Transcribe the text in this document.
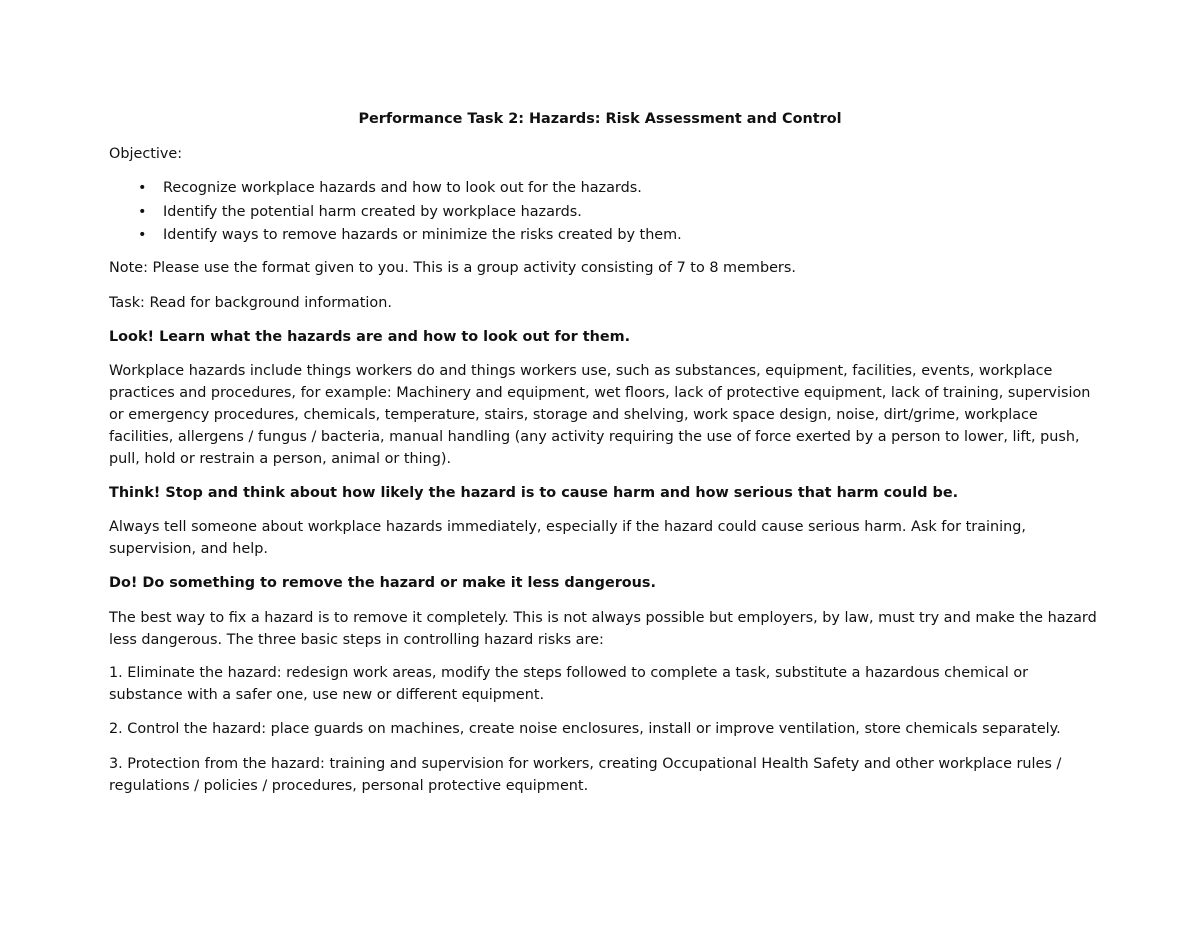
Performance Task 2: Hazards: Risk Assessment and Control

Objective:

• Recognize workplace hazards and how to look out for the hazards.
• Identify the potential harm created by workplace hazards.
• Identify ways to remove hazards or minimize the risks created by them.

Note: Please use the format given to you. This is a group activity consisting of 7 to 8 members.

Task: Read for background information.

Look! Learn what the hazards are and how to look out for them.

Workplace hazards include things workers do and things workers use, such as substances, equipment, facilities, events, workplace practices and procedures, for example: Machinery and equipment, wet floors, lack of protective equipment, lack of training, supervision or emergency procedures, chemicals, temperature, stairs, storage and shelving, work space design, noise, dirt/grime, workplace facilities, allergens / fungus / bacteria, manual handling (any activity requiring the use of force exerted by a person to lower, lift, push, pull, hold or restrain a person, animal or thing).

Think! Stop and think about how likely the hazard is to cause harm and how serious that harm could be.

Always tell someone about workplace hazards immediately, especially if the hazard could cause serious harm. Ask for training, supervision, and help.

Do! Do something to remove the hazard or make it less dangerous.

The best way to fix a hazard is to remove it completely. This is not always possible but employers, by law, must try and make the hazard less dangerous. The three basic steps in controlling hazard risks are:

1. Eliminate the hazard: redesign work areas, modify the steps followed to complete a task, substitute a hazardous chemical or substance with a safer one, use new or different equipment.

2. Control the hazard: place guards on machines, create noise enclosures, install or improve ventilation, store chemicals separately.

3. Protection from the hazard: training and supervision for workers, creating Occupational Health Safety and other workplace rules / regulations / policies / procedures, personal protective equipment.
